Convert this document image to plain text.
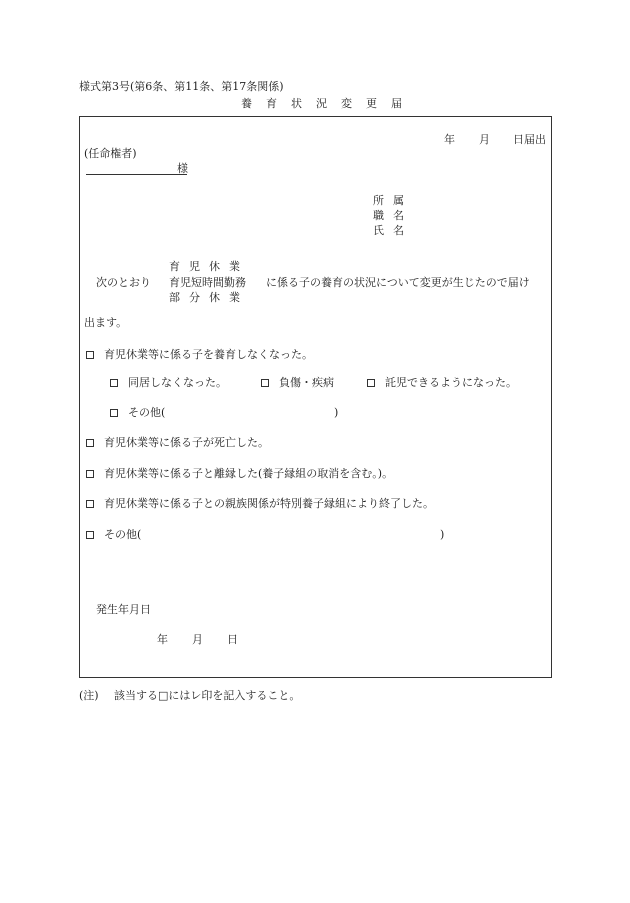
様式第3号(第6条、第11条、第17条関係)
養育状況変更届
年 月 日届出
(任命権者)
様
所属
職名
氏名
育児休業
次のとおり 育児短時間勤務 に係る子の養育の状況について変更が生じたので届け
部分休業
出ます。
育児休業等に係る子を養育しなくなった。
同居しなくなった。	負傷・疾病	託児できるようになった。
その他(	)
育児休業等に係る子が死亡した。
育児休業等に係る子と離縁した(養子縁組の取消を含む。)。
育児休業等に係る子との親族関係が特別養子縁組により終了した。
その他(	)
発生年月日
年 月 日
(注) 該当する□にはレ印を記入すること。
